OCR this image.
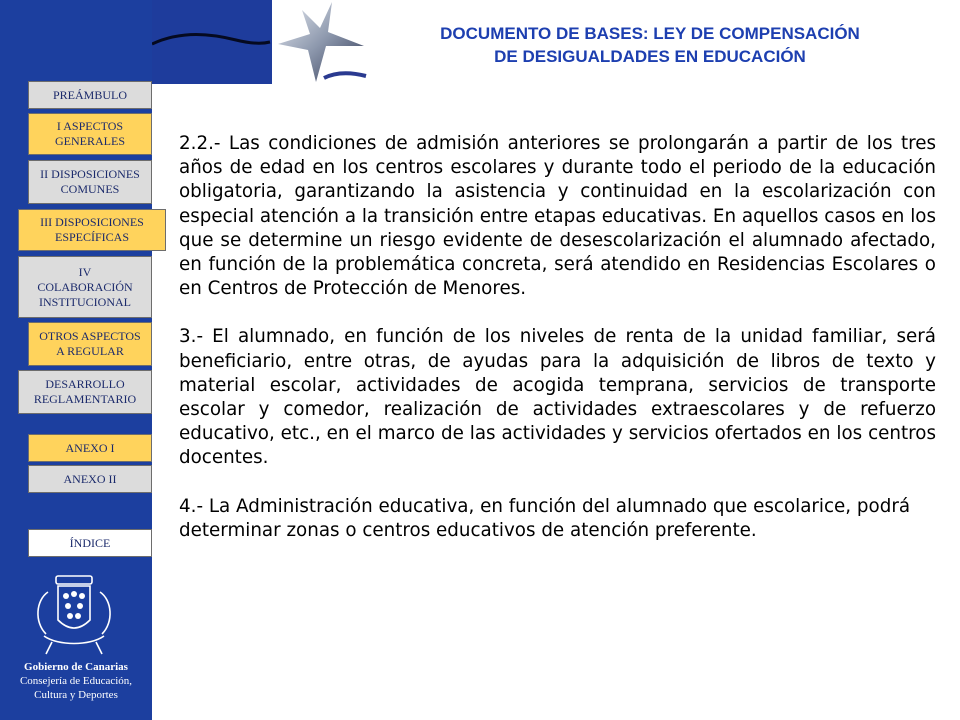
DOCUMENTO DE BASES: LEY DE COMPENSACIÓN
DE DESIGUALDADES EN EDUCACIÓN
PREÁMBULO
I ASPECTOS
GENERALES
II DISPOSICIONES
COMUNES
III DISPOSICIONES
ESPECÍFICAS
IV
COLABORACIÓN
INSTITUCIONAL
OTROS ASPECTOS
A REGULAR
DESARROLLO
REGLAMENTARIO
ANEXO I
ANEXO II
ÍNDICE
OCEANO
Gobierno de Canarias
Consejería de Educación,
Cultura y Deportes

2.2.- Las condiciones de admisión anteriores se prolongarán a partir de los tres años de edad en los centros escolares y durante todo el periodo de la educación obligatoria, garantizando la asistencia y continuidad en la escolarización con especial atención a la transición entre etapas educativas. En aquellos casos en los que se determine un riesgo evidente de desescolarización el alumnado afectado, en función de la problemática concreta, será atendido en Residencias Escolares o en Centros de Protección de Menores.

3.- El alumnado, en función de los niveles de renta de la unidad familiar, será beneficiario, entre otras, de ayudas para la adquisición de libros de texto y material escolar, actividades de acogida temprana, servicios de transporte escolar y comedor, realización de actividades extraescolares y de refuerzo educativo, etc., en el marco de las actividades y servicios ofertados en los centros docentes.

4.- La Administración educativa, en función del alumnado que escolarice, podrá determinar zonas o centros educativos de atención preferente.
